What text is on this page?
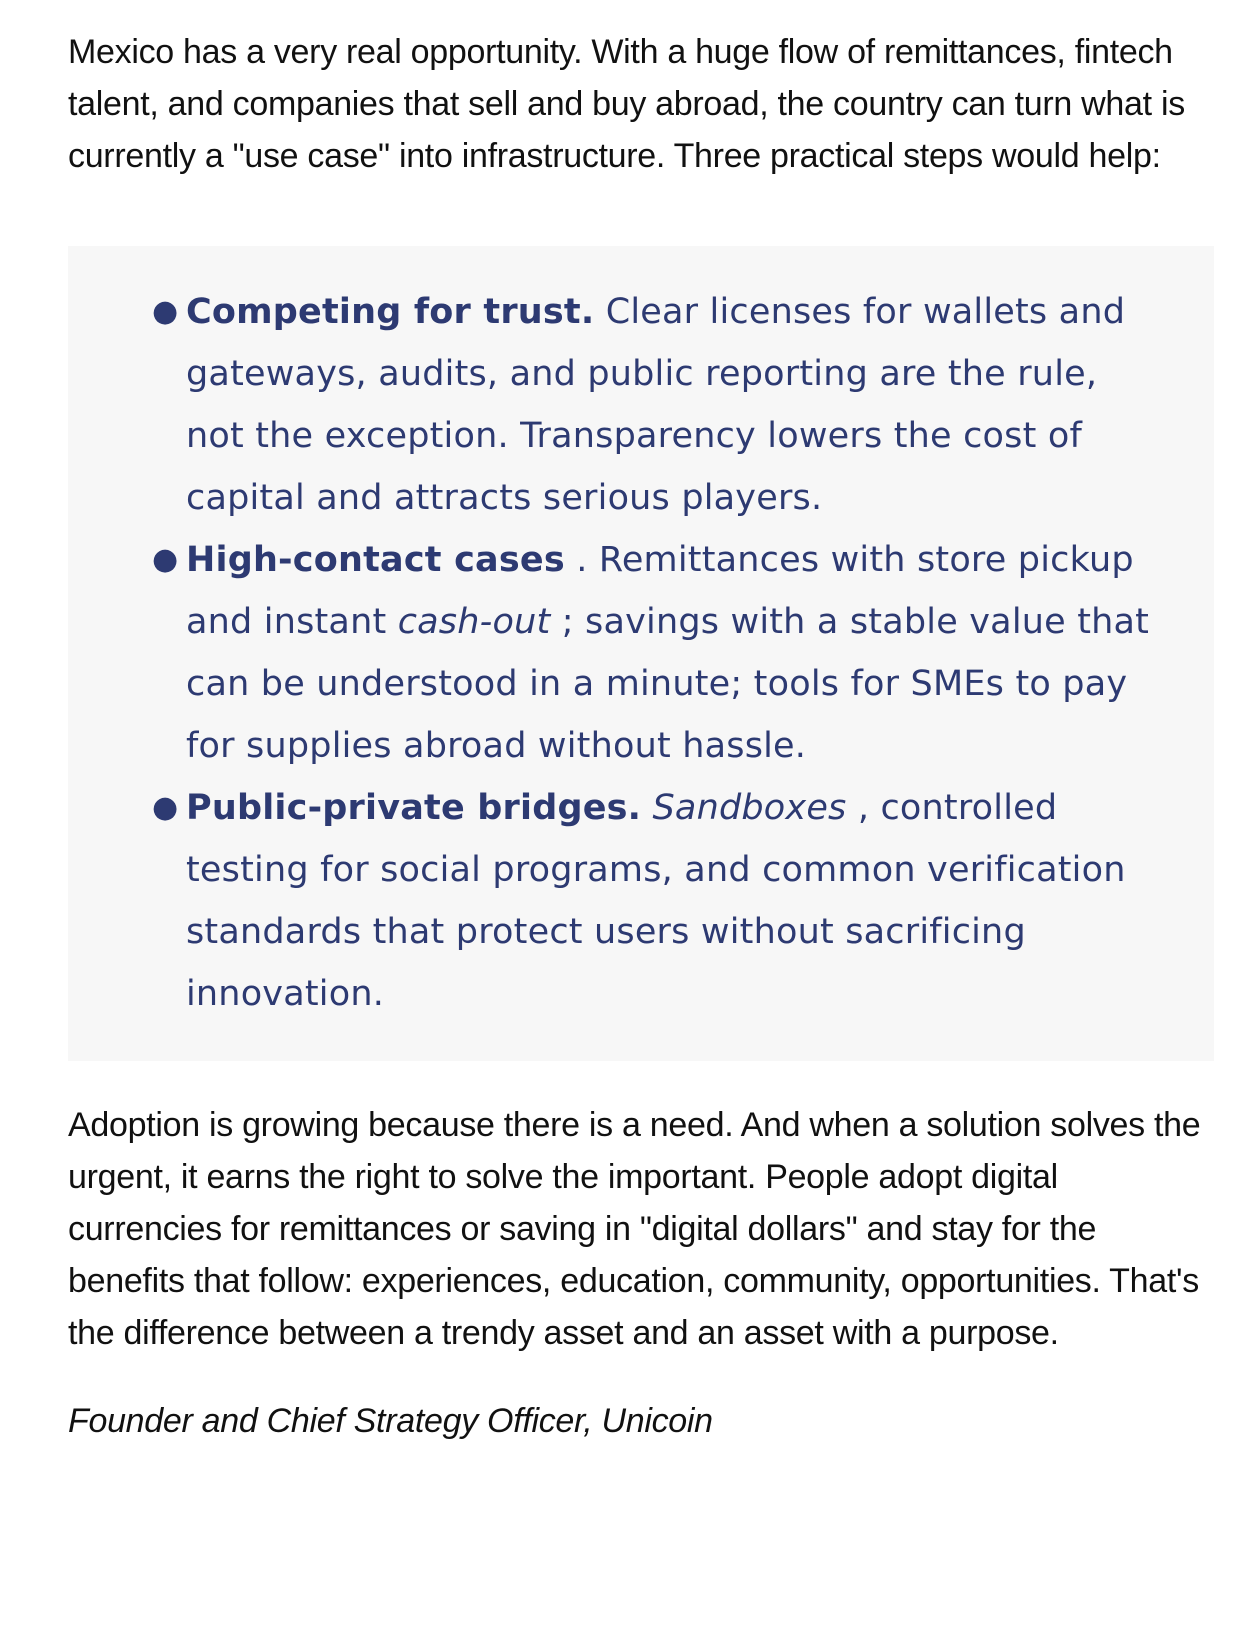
Mexico has a very real opportunity. With a huge flow of remittances, fintech talent, and companies that sell and buy abroad, the country can turn what is currently a "use case" into infrastructure. Three practical steps would help:

● Competing for trust. Clear licenses for wallets and gateways, audits, and public reporting are the rule, not the exception. Transparency lowers the cost of capital and attracts serious players.
● High-contact cases . Remittances with store pickup and instant cash-out ; savings with a stable value that can be understood in a minute; tools for SMEs to pay for supplies abroad without hassle.
● Public-private bridges. Sandboxes , controlled testing for social programs, and common verification standards that protect users without sacrificing innovation.

Adoption is growing because there is a need. And when a solution solves the urgent, it earns the right to solve the important. People adopt digital currencies for remittances or saving in "digital dollars" and stay for the benefits that follow: experiences, education, community, opportunities. That's the difference between a trendy asset and an asset with a purpose.

Founder and Chief Strategy Officer, Unicoin
